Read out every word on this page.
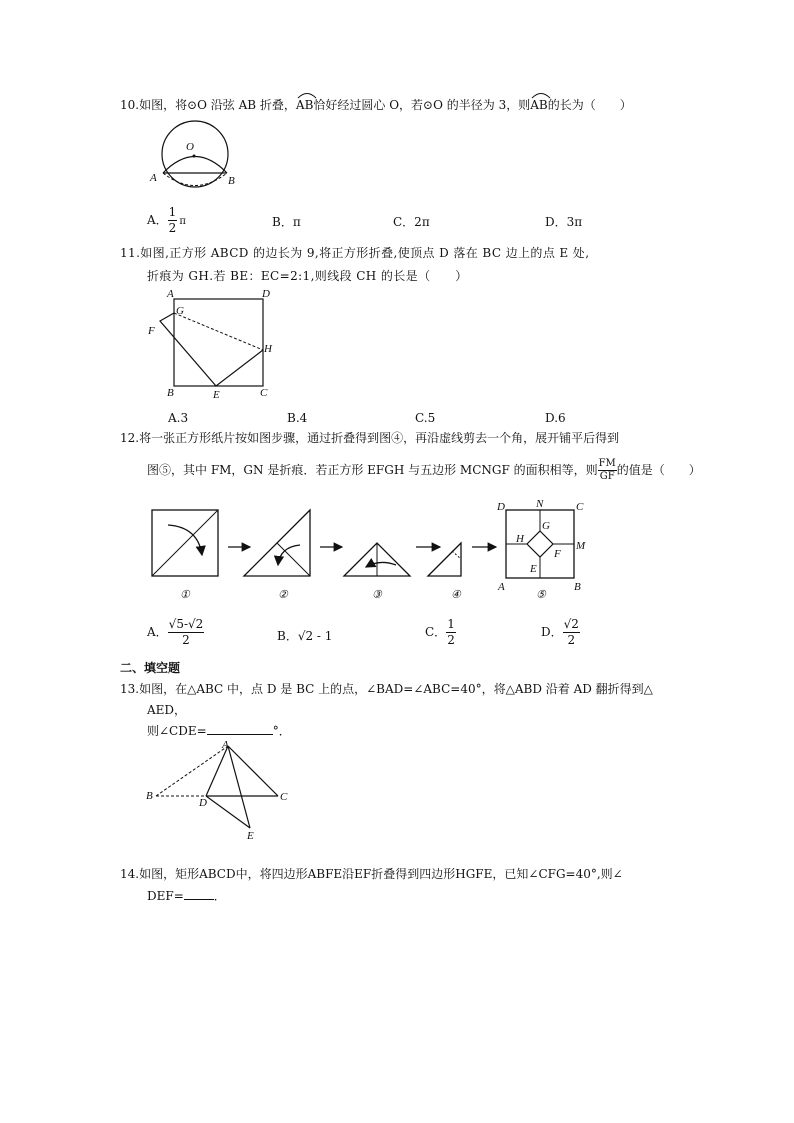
10.如图，将⊙O 沿弦 AB 折叠，
AB恰好经过圆心 O，若⊙O 的半径为 3，则
AB的长为（　　）
O
A	B
A． $\frac{1}{2}$ π	B．π	C．2π	D．3π
11.如图,正方形 ABCD 的边长为 9,将正方形折叠,使顶点 D 落在 BC 边上的点 E 处,
折痕为 GH.若 BE：EC=2:1,则线段 CH 的长是（　　）
A	D
F
G
H
B	E	C
A.3	B.4	C.5	D.6
12.将一张正方形纸片按如图步骤，通过折叠得到图④，再沿虚线剪去一个角，展开铺平后得到
图⑤，其中 FM，GN 是折痕．若正方形 EFGH 与五边形 MCNGF 的面积相等，则 $\frac{FM}{GF}$ 的值是（　　）
①	②	③	④
D	N	C
G
H
M
F
E
A	B
⑤
A． $\frac{√5-√2}{2}$	B．√2 - 1	C． $\frac{1}{2}$	D． $\frac{√2}{2}$
二、填空题
13.如图，在△ABC 中，点 D 是 BC 上的点，∠BAD=∠ABC=40°，将△ABD 沿着 AD 翻折得到△
AED，
则∠CDE=	°．
A
B
D	C
E
14.如图，矩形ABCD中，将四边形ABFE沿EF折叠得到四边形HGFE，已知∠CFG=40°,则∠
DEF=	．
